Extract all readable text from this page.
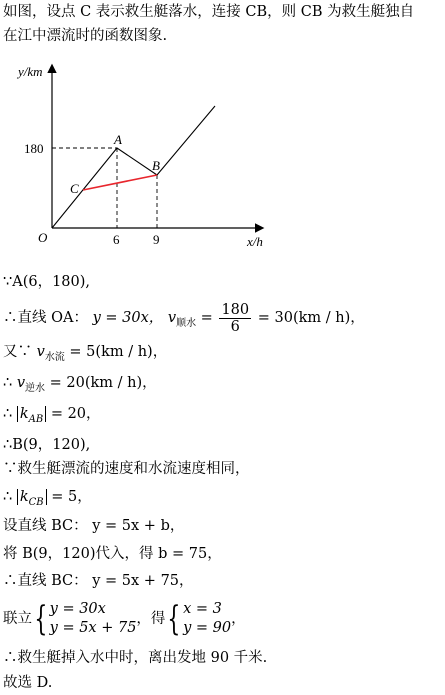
如图，设点 C 表示救生艇落水，连接 CB，则 CB 为救生艇独自
在江中漂流时的函数图象.
y/km
x/h
O
180
6	9
A
B
C
∵A(6，180),
∴直线 OA： y = 30x， $v_{顺水} = \frac{180}{6} = 30(km / h)$，
又∵ $v_{水流} = 5(km / h)$，
∴ $v_{逆水} = 20(km / h)$，
∴ $k_{AB} = 20$，
∴B(9，120),
∵救生艇漂流的速度和水流速度相同，
∴ $k_{CB} = 5$，
设直线 BC： y = 5x + b，
将 B(9，120)代入，得 b = 75，
∴直线 BC： y = 5x + 75，
联立{ y = 30x
y = 5x + 75
，得{ x = 3
y = 90
，
∴救生艇掉入水中时，离出发地 90 千米.
故选 D.
